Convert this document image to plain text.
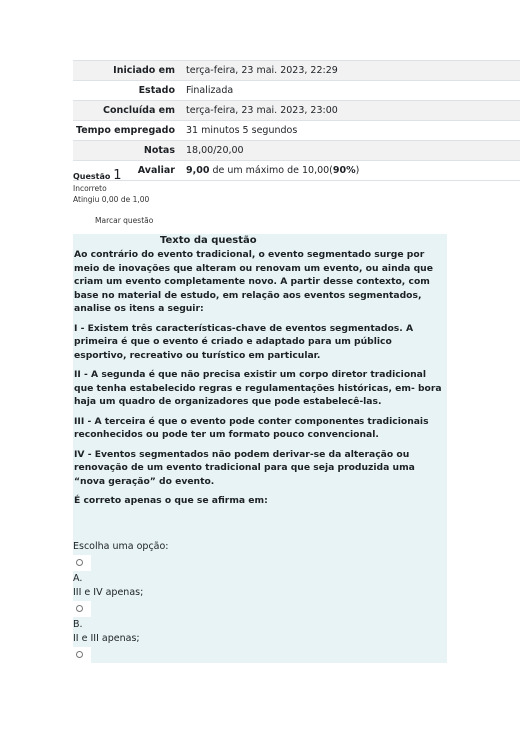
Iniciado em	terça-feira, 23 mai. 2023, 22:29
Estado	Finalizada
Concluída em	terça-feira, 23 mai. 2023, 23:00
Tempo empregado	31 minutos 5 segundos
Notas	18,00/20,00
Avaliar	9,00 de um máximo de 10,00(90%)
Questão 1
Incorreto
Atingiu 0,00 de 1,00
Marcar questão
Texto da questão

Ao contrário do evento tradicional, o evento segmentado surge por meio de inovações que alteram ou renovam um evento, ou ainda que criam um evento completamente novo. A partir desse contexto, com base no material de estudo, em relação aos eventos segmentados, analise os itens a seguir:

I - Existem três características-chave de eventos segmentados. A primeira é que o evento é criado e adaptado para um público esportivo, recreativo ou turístico em particular.

II - A segunda é que não precisa existir um corpo diretor tradicional que tenha estabelecido regras e regulamentações históricas, em- bora haja um quadro de organizadores que pode estabelecê-las.

III - A terceira é que o evento pode conter componentes tradicionais reconhecidos ou pode ter um formato pouco convencional.

IV - Eventos segmentados não podem derivar-se da alteração ou renovação de um evento tradicional para que seja produzida uma “nova geração” do evento.

É correto apenas o que se afirma em:

Escolha uma opção:
A.
III e IV apenas;
B.
II e III apenas;
